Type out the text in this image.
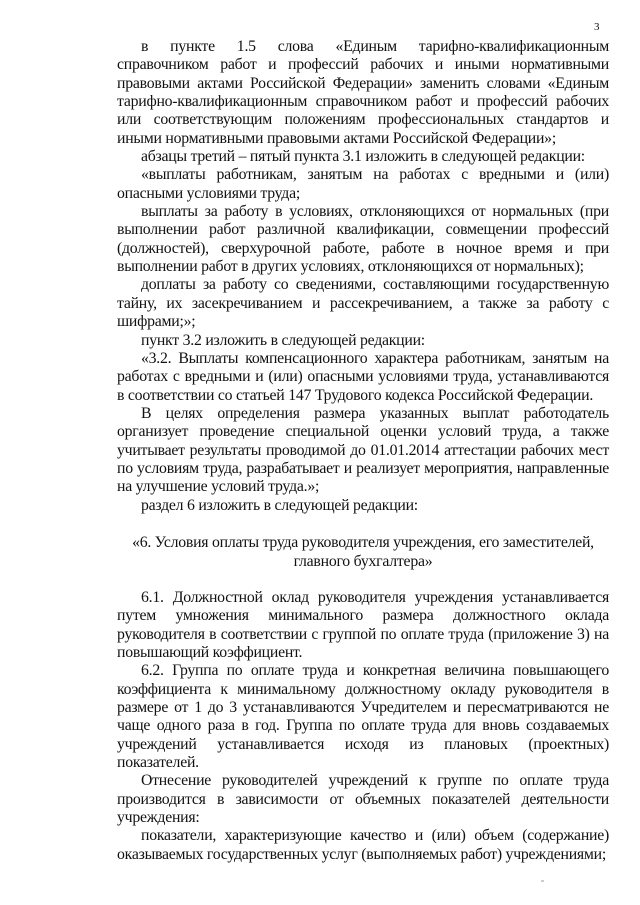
3

в пункте 1.5 слова «Единым тарифно-квалификационным справочником работ и профессий рабочих и иными нормативными правовыми актами Российской Федерации» заменить словами «Единым тарифно-квалификационным справочником работ и профессий рабочих или соответствующим положениям профессиональных стандартов и иными нормативными правовыми актами Российской Федерации»;

абзацы третий – пятый пункта 3.1 изложить в следующей редакции:

«выплаты работникам, занятым на работах с вредными и (или) опасными условиями труда;

выплаты за работу в условиях, отклоняющихся от нормальных (при выполнении работ различной квалификации, совмещении профессий (должностей), сверхурочной работе, работе в ночное время и при выполнении работ в других условиях, отклоняющихся от нормальных);

доплаты за работу со сведениями, составляющими государственную тайну, их засекречиванием и рассекречиванием, а также за работу с шифрами;»;

пункт 3.2 изложить в следующей редакции:

«3.2. Выплаты компенсационного характера работникам, занятым на работах с вредными и (или) опасными условиями труда, устанавливаются в соответствии со статьей 147 Трудового кодекса Российской Федерации.

В целях определения размера указанных выплат работодатель организует проведение специальной оценки условий труда, а также учитывает результаты проводимой до 01.01.2014 аттестации рабочих мест по условиям труда, разрабатывает и реализует мероприятия, направленные на улучшение условий труда.»;

раздел 6 изложить в следующей редакции:

«6. Условия оплаты труда руководителя учреждения, его заместителей,
главного бухгалтера»

6.1. Должностной оклад руководителя учреждения устанавливается путем умножения минимального размера должностного оклада руководителя в соответствии с группой по оплате труда (приложение 3) на повышающий коэффициент.

6.2. Группа по оплате труда и конкретная величина повышающего коэффициента к минимальному должностному окладу руководителя в размере от 1 до 3 устанавливаются Учредителем и пересматриваются не чаще одного раза в год. Группа по оплате труда для вновь создаваемых учреждений устанавливается исходя из плановых (проектных) показателей.

Отнесение руководителей учреждений к группе по оплате труда производится в зависимости от объемных показателей деятельности учреждения:

показатели, характеризующие качество и (или) объем (содержание) оказываемых государственных услуг (выполняемых работ) учреждениями;
